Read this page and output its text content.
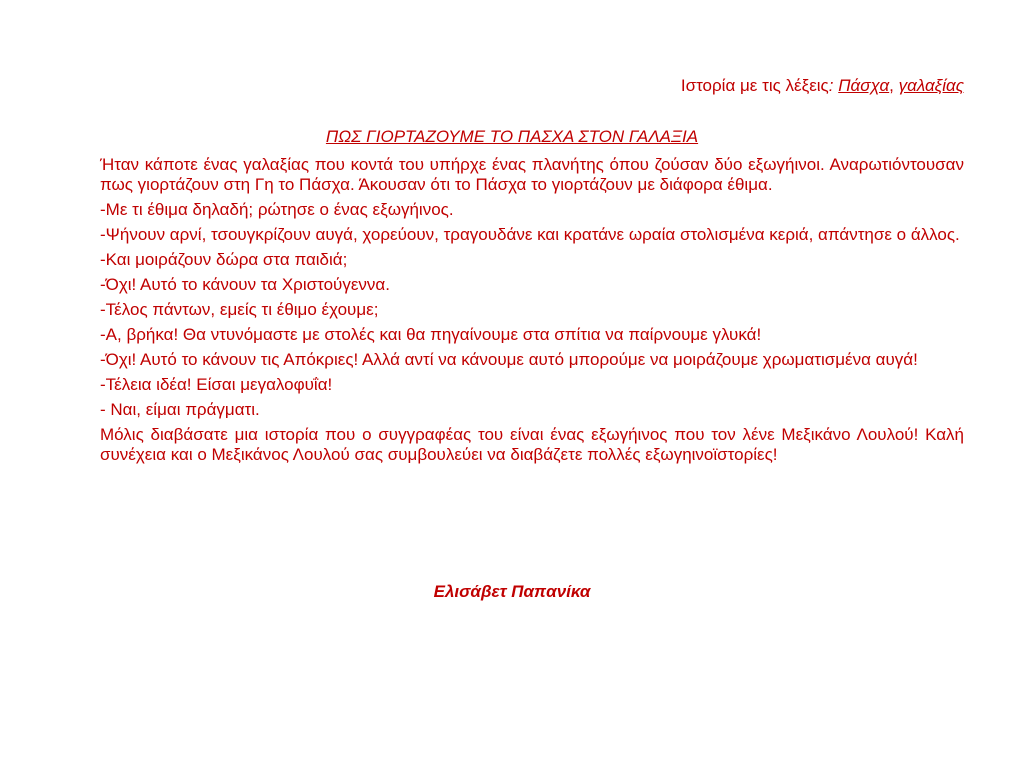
Ιστορία με τις λέξεις: Πάσχα, γαλαξίας
ΠΩΣ ΓΙΟΡΤΑΖΟΥΜΕ ΤΟ ΠΑΣΧΑ ΣΤΟΝ ΓΑΛΑΞΙΑ

Ήταν κάποτε ένας γαλαξίας που κοντά του υπήρχε ένας πλανήτης όπου ζούσαν δύο εξωγήινοι. Αναρωτιόντουσαν πως γιορτάζουν στη Γη το Πάσχα. Άκουσαν ότι το Πάσχα το γιορτάζουν με διάφορα έθιμα.

-Με τι έθιμα δηλαδή; ρώτησε ο ένας εξωγήινος.

-Ψήνουν αρνί, τσουγκρίζουν αυγά, χορεύουν, τραγουδάνε και κρατάνε ωραία στολισμένα κεριά, απάντησε ο άλλος.

-Και μοιράζουν δώρα στα παιδιά;

-Όχι! Αυτό το κάνουν τα Χριστούγεννα.

-Τέλος πάντων, εμείς τι έθιμο έχουμε;

-Α, βρήκα! Θα ντυνόμαστε με στολές και θα πηγαίνουμε στα σπίτια να παίρνουμε γλυκά!

-Όχι! Αυτό το κάνουν τις Απόκριες! Αλλά αντί να κάνουμε αυτό μπορούμε να μοιράζουμε χρωματισμένα αυγά!

-Τέλεια ιδέα! Είσαι μεγαλοφυΐα!

- Ναι, είμαι πράγματι.

Μόλις διαβάσατε μια ιστορία που ο συγγραφέας του είναι ένας εξωγήινος που τον λένε Μεξικάνο Λουλού! Καλή συνέχεια και ο Μεξικάνος Λουλού σας συμβουλεύει να διαβάζετε πολλές εξωγηινοϊστορίες!

Ελισάβετ Παπανίκα
